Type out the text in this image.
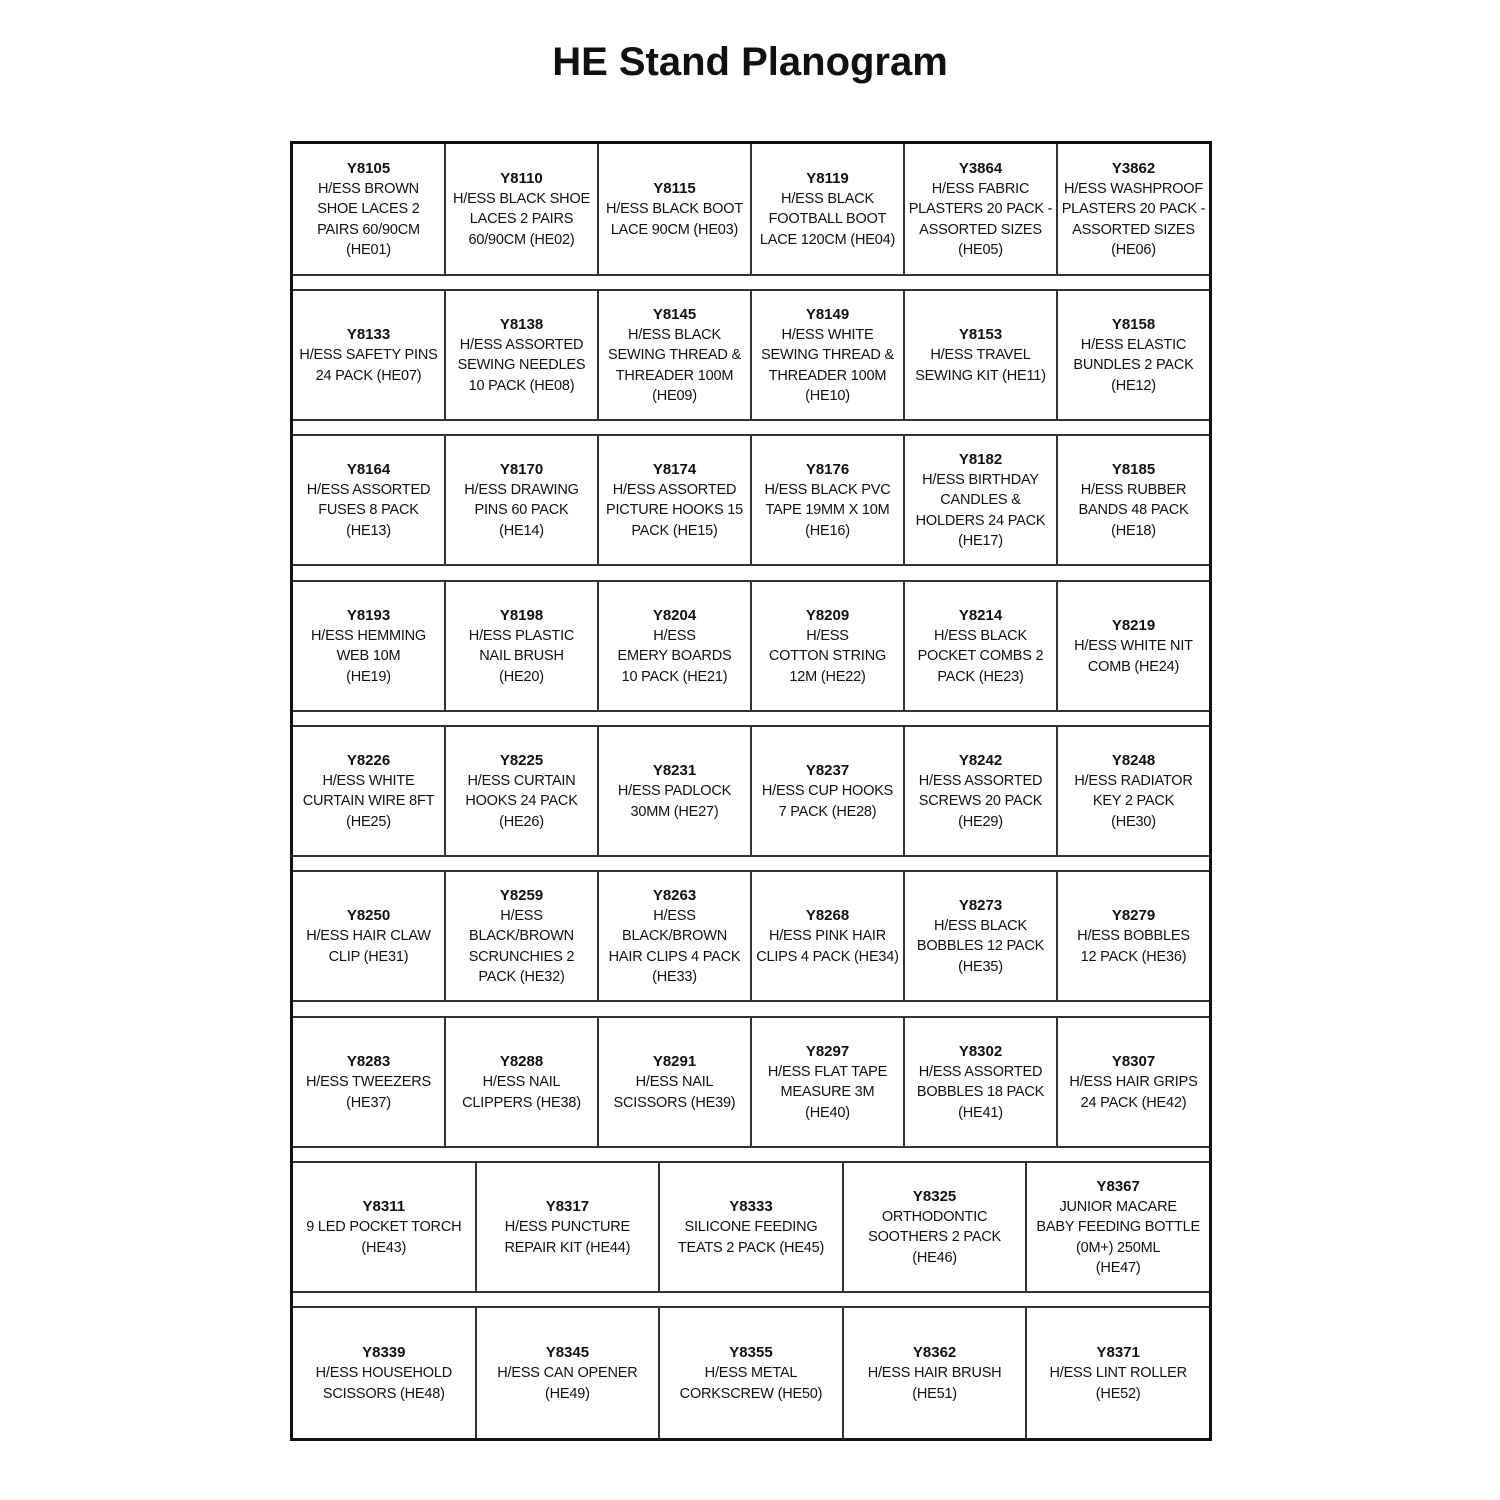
HE Stand Planogram
Y8105
H/ESS BROWN
SHOE LACES 2
PAIRS 60/90CM
(HE01)
Y8110
H/ESS BLACK SHOE
LACES 2 PAIRS
60/90CM (HE02)
Y8115
H/ESS BLACK BOOT
LACE 90CM (HE03)
Y8119
H/ESS BLACK
FOOTBALL BOOT
LACE 120CM (HE04)
Y3864
H/ESS FABRIC
PLASTERS 20 PACK -
ASSORTED SIZES
(HE05)
Y3862
H/ESS WASHPROOF
PLASTERS 20 PACK -
ASSORTED SIZES
(HE06)
Y8133
H/ESS SAFETY PINS
24 PACK (HE07)
Y8138
H/ESS ASSORTED
SEWING NEEDLES
10 PACK (HE08)
Y8145
H/ESS BLACK
SEWING THREAD &
THREADER 100M
(HE09)
Y8149
H/ESS WHITE
SEWING THREAD &
THREADER 100M
(HE10)
Y8153
H/ESS TRAVEL
SEWING KIT (HE11)
Y8158
H/ESS ELASTIC
BUNDLES 2 PACK
(HE12)
Y8164
H/ESS ASSORTED
FUSES 8 PACK
(HE13)
Y8170
H/ESS DRAWING
PINS 60 PACK
(HE14)
Y8174
H/ESS ASSORTED
PICTURE HOOKS 15
PACK (HE15)
Y8176
H/ESS BLACK PVC
TAPE 19MM X 10M
(HE16)
Y8182
H/ESS BIRTHDAY
CANDLES &
HOLDERS 24 PACK
(HE17)
Y8185
H/ESS RUBBER
BANDS 48 PACK
(HE18)
Y8193
H/ESS HEMMING
WEB 10M
(HE19)
Y8198
H/ESS PLASTIC
NAIL BRUSH
(HE20)
Y8204
H/ESS
EMERY BOARDS
10 PACK (HE21)
Y8209
H/ESS
COTTON STRING
12M (HE22)
Y8214
H/ESS BLACK
POCKET COMBS 2
PACK (HE23)
Y8219
H/ESS WHITE NIT
COMB (HE24)
Y8226
H/ESS WHITE
CURTAIN WIRE 8FT
(HE25)
Y8225
H/ESS CURTAIN
HOOKS 24 PACK
(HE26)
Y8231
H/ESS PADLOCK
30MM (HE27)
Y8237
H/ESS CUP HOOKS
7 PACK (HE28)
Y8242
H/ESS ASSORTED
SCREWS 20 PACK
(HE29)
Y8248
H/ESS RADIATOR
KEY 2 PACK
(HE30)
Y8250
H/ESS HAIR CLAW
CLIP (HE31)
Y8259
H/ESS
BLACK/BROWN
SCRUNCHIES 2
PACK (HE32)
Y8263
H/ESS
BLACK/BROWN
HAIR CLIPS 4 PACK
(HE33)
Y8268
H/ESS PINK HAIR
CLIPS 4 PACK (HE34)
Y8273
H/ESS BLACK
BOBBLES 12 PACK
(HE35)
Y8279
H/ESS BOBBLES
12 PACK (HE36)
Y8283
H/ESS TWEEZERS
(HE37)
Y8288
H/ESS NAIL
CLIPPERS (HE38)
Y8291
H/ESS NAIL
SCISSORS (HE39)
Y8297
H/ESS FLAT TAPE
MEASURE 3M
(HE40)
Y8302
H/ESS ASSORTED
BOBBLES 18 PACK
(HE41)
Y8307
H/ESS HAIR GRIPS
24 PACK (HE42)
Y8311
9 LED POCKET TORCH
(HE43)
Y8317
H/ESS PUNCTURE
REPAIR KIT (HE44)
Y8333
SILICONE FEEDING
TEATS 2 PACK (HE45)
Y8325
ORTHODONTIC
SOOTHERS 2 PACK
(HE46)
Y8367
JUNIOR MACARE
BABY FEEDING BOTTLE
(0M+) 250ML
(HE47)
Y8339
H/ESS HOUSEHOLD
SCISSORS (HE48)
Y8345
H/ESS CAN OPENER
(HE49)
Y8355
H/ESS METAL
CORKSCREW (HE50)
Y8362
H/ESS HAIR BRUSH
(HE51)
Y8371
H/ESS LINT ROLLER
(HE52)
